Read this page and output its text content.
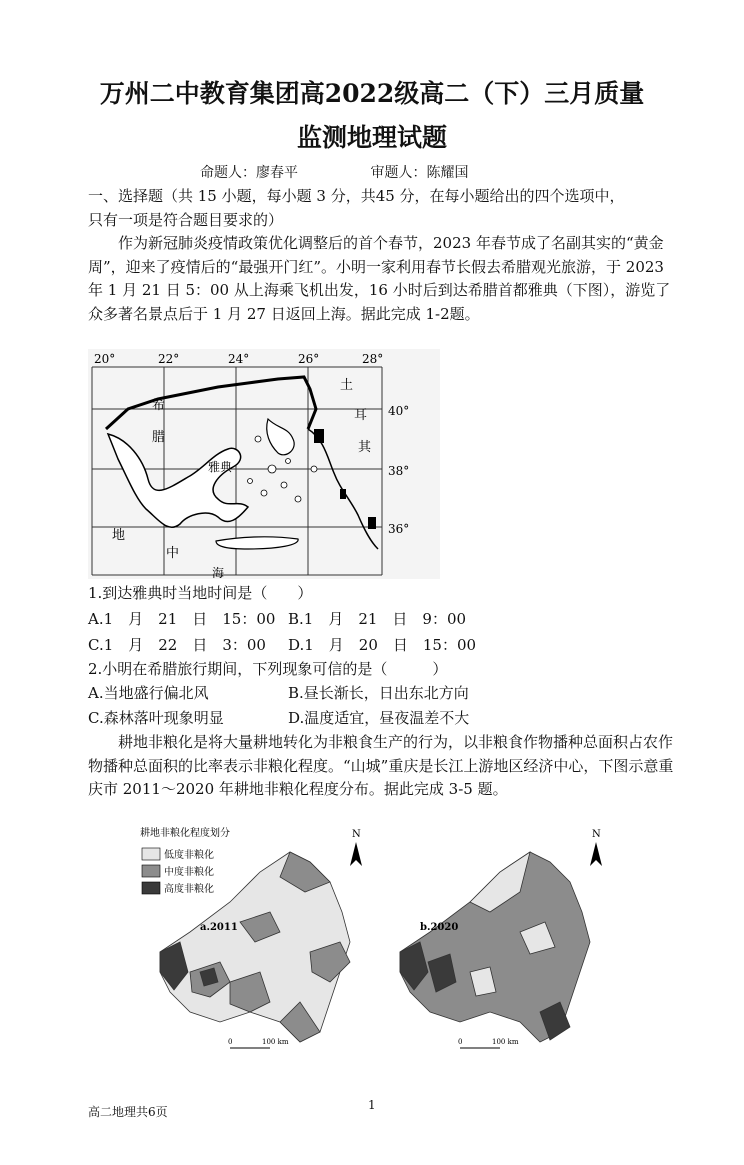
万州二中教育集团高2022级高二（下）三月质量
监测地理试题
命题人：廖春平	审题人：陈耀国

一、选择题（共 15 小题，每小题 3 分，共45 分，在每小题给出的四个选项中，
只有一项是符合题目要求的）

作为新冠肺炎疫情政策优化调整后的首个春节，2023 年春节成了名副其实的“黄金周”，迎来了疫情后的“最强开门红”。小明一家利用春节长假去希腊观光旅游，于 2023 年 1 月 21 日 5：00 从上海乘飞机出发，16 小时后到达希腊首都雅典（下图），游览了众多著名景点后于 1 月 27 日返回上海。据此完成 1-2题。

20°	22°	24°	26°	28°
40°
38°
36°
希
腊
土
耳
其
雅典
地
中
海
1.到达雅典时当地时间是（　　）
A.1　月　21　日　15：00 B.1　月　21　日　9：00
C.1　月　22　日　3：00 D.1　月　20　日　15：00
2.小明在希腊旅行期间，下列现象可信的是（　　　）
A.当地盛行偏北风	B.昼长渐长，日出东北方向
C.森林落叶现象明显	D.温度适宜，昼夜温差不大

耕地非粮化是将大量耕地转化为非粮食生产的行为，以非粮食作物播种总面积占农作物播种总面积的比率表示非粮化程度。“山城”重庆是长江上游地区经济中心，下图示意重庆市 2011～2020 年耕地非粮化程度分布。据此完成 3-5 题。

耕地非粮化程度划分
低度非粮化
中度非粮化
高度非粮化
a.2011
N
0	100 km
b.2020
N
0	100 km
1
高二地理共6页
